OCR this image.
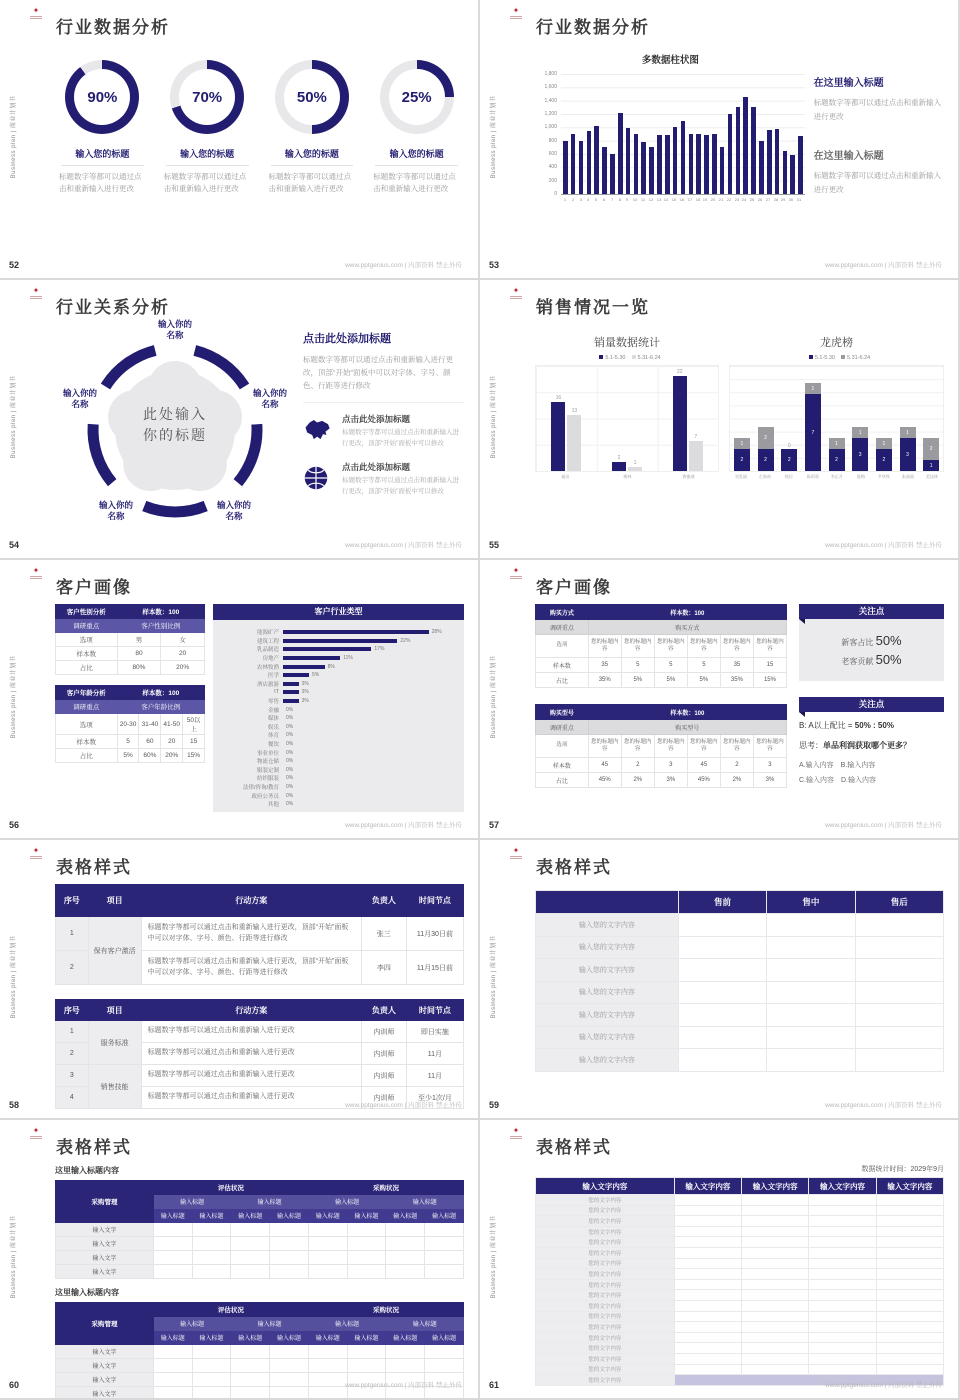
✦
Business plan | 商业计划书
行业数据分析
90%
输入您的标题
标题数字等都可以通过点击和重新输入进行更改
70%
输入您的标题
标题数字等都可以通过点击和重新输入进行更改
50%
输入您的标题
标题数字等都可以通过点击和重新输入进行更改
25%
输入您的标题
标题数字等都可以通过点击和重新输入进行更改
52	www.pptgenius.com | 内部资料 禁止外传
✦
Business plan | 商业计划书
行业数据分析
多数据柱状图
1,800
1,600
1,400
1,200
1,000
800
600
400
200
0
1	2	3	4	5	6	7	8	9 10 11 12 13 14 15 16 17 18 19 20 21 22 23 24 25 26 27 28 29 30 31
在这里输入标题
标题数字等都可以通过点击和重新输入进行更改
在这里输入标题
标题数字等都可以通过点击和重新输入进行更改
53	www.pptgenius.com | 内部资料 禁止外传
✦
Business plan | 商业计划书
行业关系分析
此处输入
你的标题
输入你的
名称
输入你的
名称
输入你的
名称
输入你的
名称
输入你的
名称
点击此处添加标题
标题数字等都可以通过点击和重新输入进行更改，顶部“开始”面板中可以对字体、字号、颜色、行距等进行修改
点击此处添加标题
标题数字等都可以通过点击和重新输入进行更改，顶部“开始”面板中可以修改
点击此处添加标题
标题数字等都可以通过点击和重新输入进行更改，顶部“开始”面板中可以修改
54	www.pptgenius.com | 内部资料 禁止外传
✦
Business plan | 商业计划书
销售情况一览
销量数据统计
5.1-5.30 5.31-6.24
16
13
2
1
22
7
福田	梅林	香蜜湖
龙虎榜
5.1-5.30 5.31-6.24
1
2
2
2
0
2
1
7
1
2
1
3
1
2
1
3
2
1
刘美丽	左海南	热拉	陈莉莉	李正月	晨梅	尹华铁	张丽丽	美佳林
55	www.pptgenius.com | 内部资料 禁止外传
✦
Business plan | 商业计划书
客户画像
客户性别分析	样本数：100	
调研重点	客户性别比例	
选项	男	女
样本数	80	20
占比	80%	20%
客户年龄分析	样本数：100			
调研重点	客户年龄比例			
选项	20-30	31-40	41-50	50以上
样本数	5	60	20	15
占比	5%	60%	20%	15%
客户行业类型
能源矿产	28%
建筑工程	22%
乳品制造	17%
房地产	11%
农林牧渔	8%
医学	5%
酒店旅游	3%
IT	3%
零售	3%
金融 0%
媒体 0%
娱乐 0%
体育 0%
餐饮 0%
事业单位 0%
物流仓储 0%
服装定制 0%
纺织服装 0%
法律/咨询/教育 0%
政府公务员 0%
其他 0%
56	www.pptgenius.com | 内部资料 禁止外传
✦
Business plan | 商业计划书
客户画像
购买方式	样本数：100					
调研重点	购买方式					
选项	您的标题内容	您的标题内容	您的标题内容	您的标题内容	您的标题内容	您的标题内容
样本数	35	5	5	5	35	15
占比	35%	5%	5%	5%	35%	15%
购买型号	样本数：100					
调研重点	购买型号					
选项	您的标题内容	您的标题内容	您的标题内容	您的标题内容	您的标题内容	您的标题内容
样本数	45	2	3	45	2	3
占比	45%	2%	3%	45%	2%	3%
关注点
新客占比 50%
老客贡献 50%
关注点
B: A以上配比 = 50% : 50%
思考：单品利润获取哪个更多？
A.输入内容　B.输入内容
C.输入内容　D.输入内容
57	www.pptgenius.com | 内部资料 禁止外传
✦
Business plan | 商业计划书
表格样式
序号	项目	行动方案	负责人	时间节点
1	保有客户激活	标题数字等都可以通过点击和重新输入进行更改，顶部“开始”面板中可以对字体、字号、颜色、行距等进行修改	张三	11月30日前
2		标题数字等都可以通过点击和重新输入进行更改，顶部“开始”面板中可以对字体、字号、颜色、行距等进行修改	李四	11月15日前
序号	项目	行动方案	负责人	时间节点
1	服务标准	标题数字等都可以通过点击和重新输入进行更改	内训师	即日实施
2		标题数字等都可以通过点击和重新输入进行更改	内训师	11月
3	销售技能	标题数字等都可以通过点击和重新输入进行更改	内训师	11月
4		标题数字等都可以通过点击和重新输入进行更改	内训师	至少1次/月
58	www.pptgenius.com | 内部资料 禁止外传
✦
Business plan | 商业计划书
表格样式
	售前	售中	售后
输入您的文字内容			
输入您的文字内容			
输入您的文字内容			
输入您的文字内容			
输入您的文字内容			
输入您的文字内容			
输入您的文字内容			
59	www.pptgenius.com | 内部资料 禁止外传
✦
Business plan | 商业计划书
表格样式
这里输入标题内容
采购管理	评估状况				采购状况			
	输入标题		输入标题		输入标题		输入标题	
	输入标题	输入标题	输入标题	输入标题	输入标题	输入标题	输入标题	输入标题
输入文字								
输入文字								
输入文字								
输入文字								
这里输入标题内容
采购管理	评估状况				采购状况			
	输入标题		输入标题		输入标题		输入标题	
	输入标题	输入标题	输入标题	输入标题	输入标题	输入标题	输入标题	输入标题
输入文字								
输入文字								
输入文字								
输入文字								
60	www.pptgenius.com | 内部资料 禁止外传
✦
Business plan | 商业计划书
表格样式
数据统计时间：2029年9月
输入文字内容	输入文字内容	输入文字内容	输入文字内容	输入文字内容
您的文字内容				
您的文字内容				
您的文字内容				
您的文字内容				
您的文字内容				
您的文字内容				
您的文字内容				
您的文字内容				
您的文字内容				
您的文字内容				
您的文字内容				
您的文字内容				
您的文字内容				
您的文字内容				
您的文字内容				
您的文字内容				
您的文字内容				
您的文字内容				
61	www.pptgenius.com | 内部资料 禁止外传
